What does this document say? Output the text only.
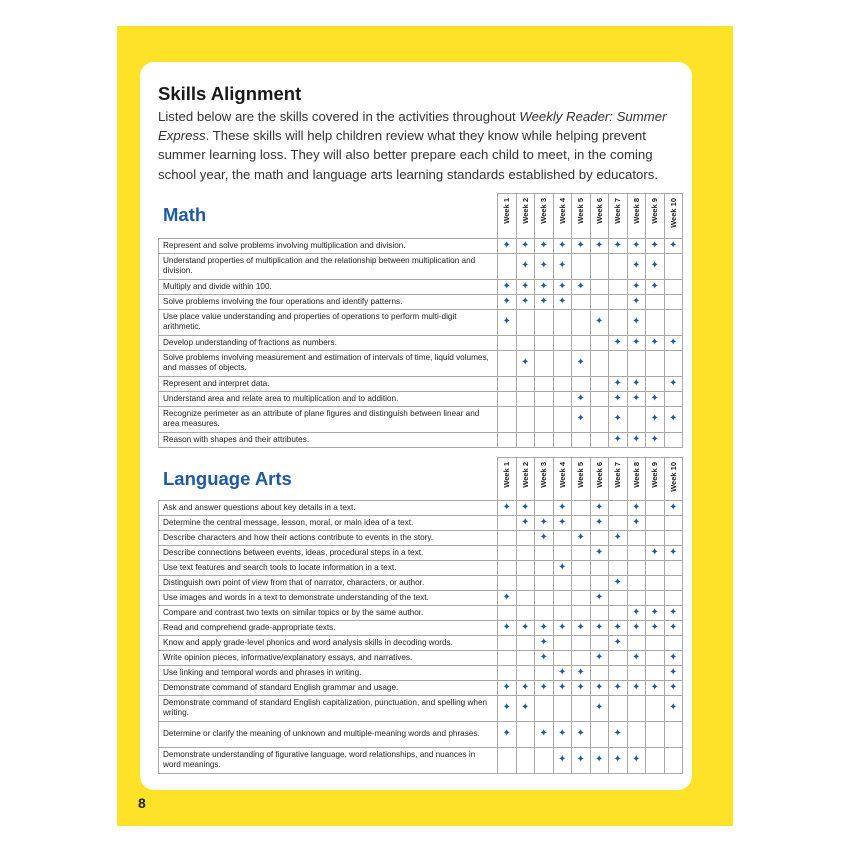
Skills Alignment

Listed below are the skills covered in the activities throughout Weekly Reader: Summer Express. These skills will help children review what they know while helping prevent summer learning loss. They will also better prepare each child to meet, in the coming school year, the math and language arts learning standards established by educators.

Math

	Week 1	Week 2	Week 3	Week 4	Week 5	Week 6	Week 7	Week 8	Week 9	Week 10

Represent and solve problems involving multiplication and division.	✦	✦	✦	✦	✦	✦	✦	✦	✦	✦
Understand properties of multiplication and the relationship between multiplication and division.		✦	✦	✦				✦	✦	
Multiply and divide within 100.	✦	✦	✦	✦	✦			✦	✦	
Solve problems involving the four operations and identify patterns.	✦	✦	✦	✦				✦		
Use place value understanding and properties of operations to perform multi-digit arithmetic.	✦					✦		✦		
Develop understanding of fractions as numbers.							✦	✦	✦	✦
Solve problems involving measurement and estimation of intervals of time, liquid volumes, and masses of objects.		✦			✦					
Represent and interpret data.							✦	✦		✦
Understand area and relate area to multiplication and to addition.					✦		✦	✦	✦	
Recognize perimeter as an attribute of plane figures and distinguish between linear and area measures.					✦		✦		✦	✦
Reason with shapes and their attributes.							✦	✦	✦	
Language Arts

	Week 1	Week 2	Week 3	Week 4	Week 5	Week 6	Week 7	Week 8	Week 9	Week 10

Ask and answer questions about key details in a text.	✦	✦		✦		✦		✦		✦
Determine the central message, lesson, moral, or main idea of a text.		✦	✦	✦		✦		✦		
Describe characters and how their actions contribute to events in the story.			✦		✦		✦			
Describe connections between events, ideas, procedural steps in a text.						✦			✦	✦
Use text features and search tools to locate information in a text.				✦						
Distinguish own point of view from that of narrator, characters, or author.							✦			
Use images and words in a text to demonstrate understanding of the text.	✦					✦				
Compare and contrast two texts on similar topics or by the same author.								✦	✦	✦
Read and comprehend grade-appropriate texts.	✦	✦	✦	✦	✦	✦	✦	✦	✦	✦
Know and apply grade-level phonics and word analysis skills in decoding words.			✦				✦			
Write opinion pieces, informative/explanatory essays, and narratives.			✦			✦		✦		✦
Use linking and temporal words and phrases in writing.				✦	✦					✦
Demonstrate command of standard English grammar and usage.	✦	✦	✦	✦	✦	✦	✦	✦	✦	✦
Demonstrate command of standard English capitalization, punctuation, and spelling when writing.	✦	✦				✦				✦
Determine or clarify the meaning of unknown and multiple-meaning words and phrases.	✦		✦	✦	✦		✦			
Demonstrate understanding of figurative language, word relationships, and nuances in word meanings.				✦	✦	✦	✦	✦		
8
